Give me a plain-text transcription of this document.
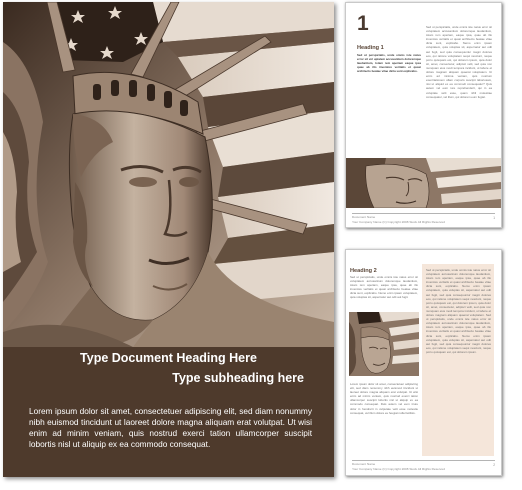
Type Document Heading Here
Type subheading here
Lorem ipsum dolor sit amet, consectetuer adipiscing elit, sed diam nonummy nibh euismod tincidunt ut laoreet dolore magna aliquam erat volutpat. Ut wisi enim ad minim veniam, quis nostrud exerci tation ullamcorper suscipit lobortis nisl ut aliquip ex ea commodo consequat.
1
Heading 1
Sed ut perspiciatis, unde omnis iste natus error sit vol uptatem accusantium doloremque laudantium, totam rem aperiam eaque ipsa quae ab illo inventore veritatis et quasi architecto beatae vitae dicta sunt explicabo.
Sed ut perspiciatis, unde omnis iste natus error sit voluptatem accusantium doloremque laudantium, totam rem aperiam, eaque ipsa, quae ab illo inventore veritatis et quasi architecto beatae vitae dicta sunt, explicabo. Nemo enim ipsam voluptatem, quia voluptas sit, aspernatur aut odit aut fugit, sed quia consequuntur magni dolores eos, qui ratione voluptatem sequi nesciunt, neque porro quisquam est, qui dolorem ipsum, quia dolor sit, amet, consectetur, adipisci velit, sed quia non numquam eius modi tempora incidunt, ut labore et dolore magnam aliquam quaerat voluptatem. Ut enim ad minima veniam, quis nostrum exercitationem ullam corporis suscipit laboriosam, nisi ut aliquid ex ea commodi consequatur? Quis autem vel eum iure reprehenderit, qui in ea voluptate velit esse, quam nihil molestiae consequatur, vel illum, qui dolorem eum fugiat.
Document Name
Your Company Name (C) Copyright 2008 Stock All Rights Reserved
1
Heading 2
Sed ut perspiciatis, unde omnis iste natus error sit voluptatem accusantium doloremque laudantium, totam rem aperiam, eaque ipsa, quae ab illo inventore veritatis et quasi architecto beatae vitae dicta sunt, explicabo. Nemo enim ipsam voluptatem, quia voluptas sit, aspernatur aut odit aut fugit.
Lorem ipsum dolor sit amet, consectetuer adipiscing elit, sed diam nonummy nibh euismod tincidunt ut laoreet dolore magna aliquam erat volutpat. Ut wisi enim ad minim veniam, quis nostrud exerci tation ullamcorper suscipit lobortis nisl ut aliquip ex ea commodo consequat. Duis autem vel eum iriure dolor in hendrerit in vulputate velit esse molestie consequat, vel illum dolore eu feugiat nulla facilisis.
Sed ut perspiciatis, unde omnis iste natus error sit voluptatem accusantium doloremque laudantium, totam rem aperiam, eaque ipsa, quae ab illo inventore veritatis et quasi architecto beatae vitae dicta sunt, explicabo. Nemo enim ipsam voluptatem, quia voluptas sit, aspernatur aut odit aut fugit, sed quia consequuntur magni dolores eos, qui ratione voluptatem sequi nesciunt, neque porro quisquam est, qui dolorem ipsum, quia dolor sit, amet, consectetur, adipisci velit, sed quia non numquam eius modi tempora incidunt, ut labore et dolore magnam aliquam quaerat voluptatem. Sed ut perspiciatis, unde omnis iste natus error sit voluptatem accusantium doloremque laudantium, totam rem aperiam, eaque ipsa, quae ab illo inventore veritatis et quasi architecto beatae vitae dicta sunt, explicabo. Nemo enim ipsam voluptatem, quia voluptas sit, aspernatur aut odit aut fugit, sed quia consequuntur magni dolores eos, qui ratione voluptatem sequi nesciunt, neque porro quisquam est, qui dolorem ipsum.
Document Name
Your Company Name (C) Copyright 2008 Stock All Rights Reserved
2
